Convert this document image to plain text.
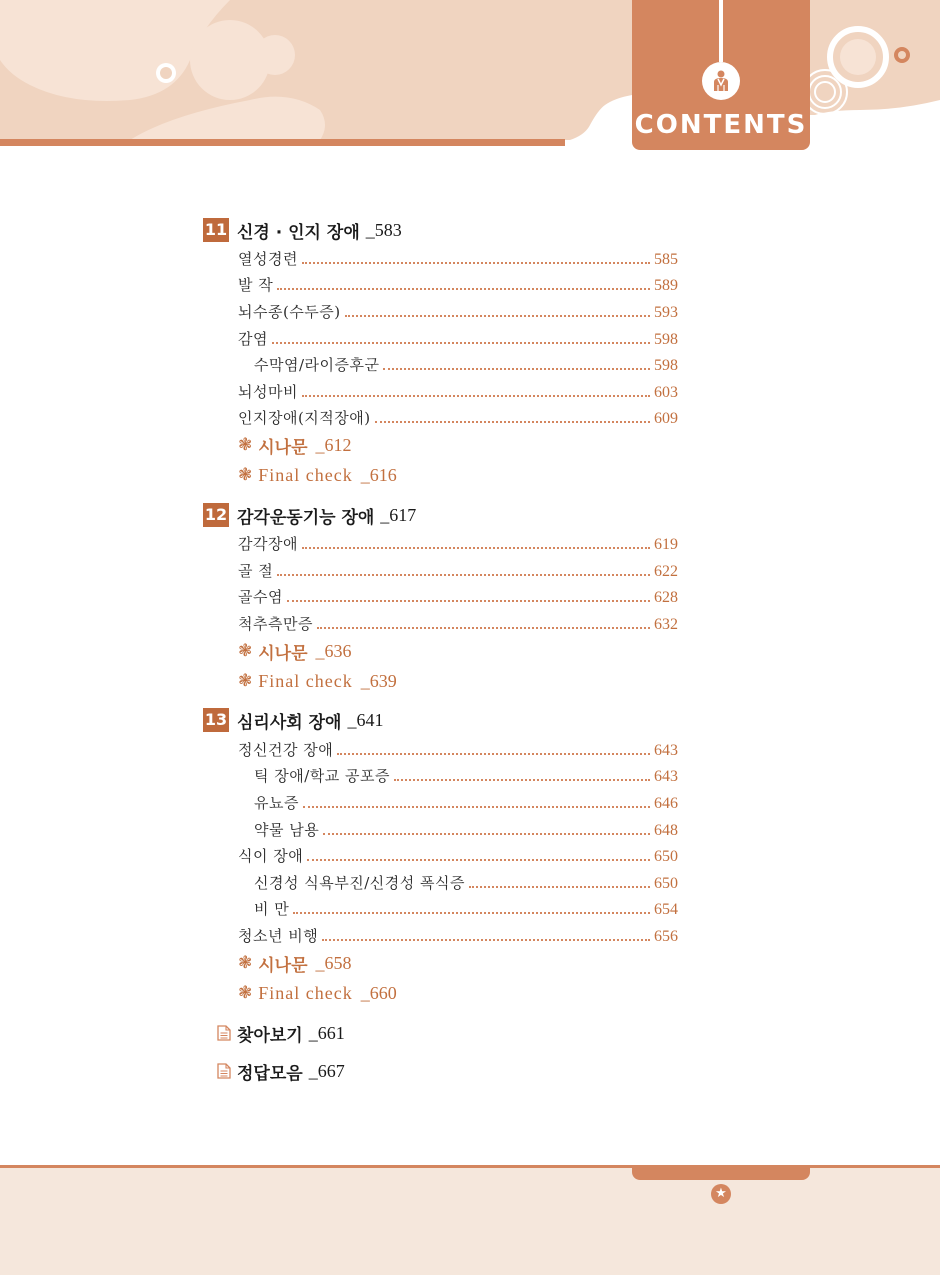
CONTENTS
11 신경 · 인지 장애 _583
열성경련	585
발 작	589
뇌수종(수두증)	593
감염	598
수막염/라이증후군	598
뇌성마비	603
인지장애(지적장애)	609
❃ 시나문 _612
❃ Final check _616
12 감각운동기능 장애 _617
감각장애	619
골 절	622
골수염	628
척추측만증	632
❃ 시나문 _636
❃ Final check _639
13 심리사회 장애 _641
정신건강 장애	643
틱 장애/학교 공포증	643
유뇨증	646
약물 남용	648
식이 장애	650
신경성 식욕부진/신경성 폭식증	650
비 만	654
청소년 비행	656
❃ 시나문 _658
❃ Final check _660
찾아보기 _661
정답모음 _667
★
